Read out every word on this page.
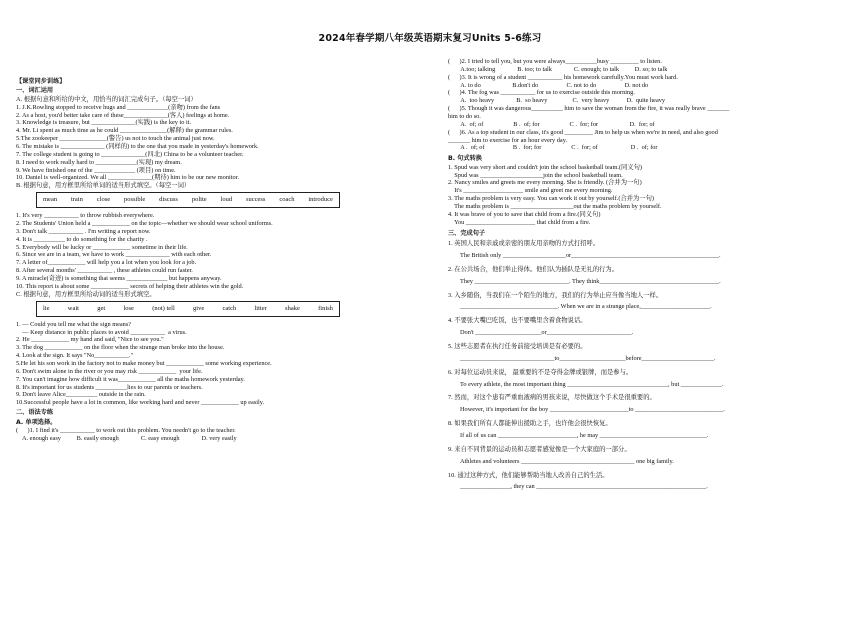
2024年春学期八年级英语期末复习Units 5-6练习
【课堂同步训练】
一、词汇运用

A. 根据句意和所给的中文，用恰当的词汇完成句子。（每空一词）

1. J.K.Rowling stopped to receive hugs and _____________(亲吻) from the fans

2. As a host, you'd better take care of these______________(客人) feelings at home.

3. Knowledge is treasure, but ______________(实践) is the key to it.

4. Mr. Li spent as much time as he could _______________(解释) the grammar rules.

5.The zookeeper _______________(警告) us not to touch the animal just now.

6. The mistake is ______________ (同样的) to the one that you made in yesterday's homework.

7. The college student is going to ______________(四北) China to be a volunteer teacher.

8. I need to work really hard to _____________(实现) my dream.

9. We have finished one of the _____________ (项目) on time.

10. Daniel is well-organized. We all ______________(期待) him to be our new monitor.

B. 根据句意，用方框里所给单词的适当形式填空。（每空一词）

mean train close possible discuss polite loud success coach introduce

1. It's very ___________ to throw rubbish everywhere.

2. The Students' Union held a ____________ on the topic—whether we should wear school uniforms.

3. Don't talk ___________ . I'm writing a report now.

4. It is __________ to do something for the charity .

5. Everybody will be lucky or ____________ sometime in their life.

6. Since we are in a team, we have to work ______________ with each other.

7. A letter of____________ will help you a lot when you look for a job.

8. After several months' ___________ , these athletes could run faster.

9. A miracle(奇迹) is something that seems _____________ but happens anyway.

10. This report is about some ____________ secrets of helping their athletes win the gold.

C. 根据句意，用方框里所给动词的适当形式填空。

lie	wait	get	lose	(not) tell	give	catch	litter	shake	finish

1. — Could you tell me what the sign means?

— Keep distance in public places to avoid ___________  a virus.

2. He ____________ my hand and said, "Nice to see you."

3. The dog ____________ on the floor when the strange man broke into the house.

4. Look at the sign. It says "No___________."

5.He let his son work in the factory not to make money but ____________ some working experience.

6. Don't swim alone in the river or you may risk ____________  your life.

7. You can't imagine how difficult it was____________ all the maths homework yesterday.

8. It's important for us students __________lies to our parents or teachers.

9. Don't leave Alice__________ outside in the rain.

10.Successful people have a lot in common, like working hard and never ____________ up easily.

二、语法专练
A. 单项选择。

(      )1. I find it's ___________ to work out this problem. You needn't go to the teacher.

A. enough easy          B. easily enough              C. easy enough              D. very easily

(      )2. I tried to tell you, but you were always__________busy _________ to listen.

A.too; talking              B. too; to talk              C. enough; to talk          D. so; to talk

(      )3. It is wrong of a student ___________ his homework carefully.You must work hard.

A. to do                    B.don't do                  C. not to do                  D. not do

(      )4. The fog was ___________ for us to exercise outside this morning.

A.  too heavy              B.  so heavy                C.  very heavy           D.  quite heavy

(      )5. Though it was dangerous__________ him to save the woman from the fire, it was really brave _______

him to do so.

A.  of; of                   B .  of; for                   C .  for; for                    D.  for; of

(      )6. As a top student in our class, it's good _________ Jim to help us when we're in need, and also good

_______ him to exercise for an hour every day.

A .  of; of                  B .  for; for                   C .  for; of                     D .  of; for

B. 句式转换

1. Spud was very short and couldn't join the school basketball team.(同义句)

Spud was ____________________join the school basketball team.

2. Nancy smiles and greets me every morning. She is friendly. (合并为一句)

It's ___________________ smile and greet me every morning.

3. The maths problem is very easy. You can work it out by yourself.(合并为一句)

The maths problem is ____________________out the maths problem by yourself.

4. It was brave of you to save that child from a fire.(同义句)

You ______________________ that child from a fire.

三、完成句子

1. 英国人民和亲戚或亲密的朋友用亲吻的方式打招呼。

The British only ____________________or_______________________________________________.

2. 在公共场合，他们举止得体。他们认为插队是无礼的行为。

They ______________________________. They think______________________________________.

3. 入乡随俗，当我们在一个陌生的地方，我们的行为举止应当像当地人一样。

_______________________________. When we are in a strange place,______________________.

4. 不要张大嘴巴吃饭，也不要嘴里含着食物说话。

Don't _____________________or___________________________.

5. 这些志愿者在执行任务前接受培训是有必要的。

______________________________to_____________________before_______________________.

6. 对每位运动员来说， 最重要的不是夺得金牌或银牌，而是参与。

To every athlete, the most important thing ________________________________, but _____________.

7. 然而，对这个患有严重血液病的男孩来说，尽快做这个手术是很重要的。

However, it's important for the boy _________________________to ____________________________.

8. 如果我们所有人都能伸出援助之手，也许他会很快恢复。

If all of us can _________________________, he may __________________________________.

9. 来自不同背景的运动员和志愿者感觉像是一个大家庭的一部分。

Athletes and volunteers ____________________________________ one big family.

10. 通过这种方式，他们能够帮助当地人改善自己的生活。

________________, they can ______________________________________________________.
